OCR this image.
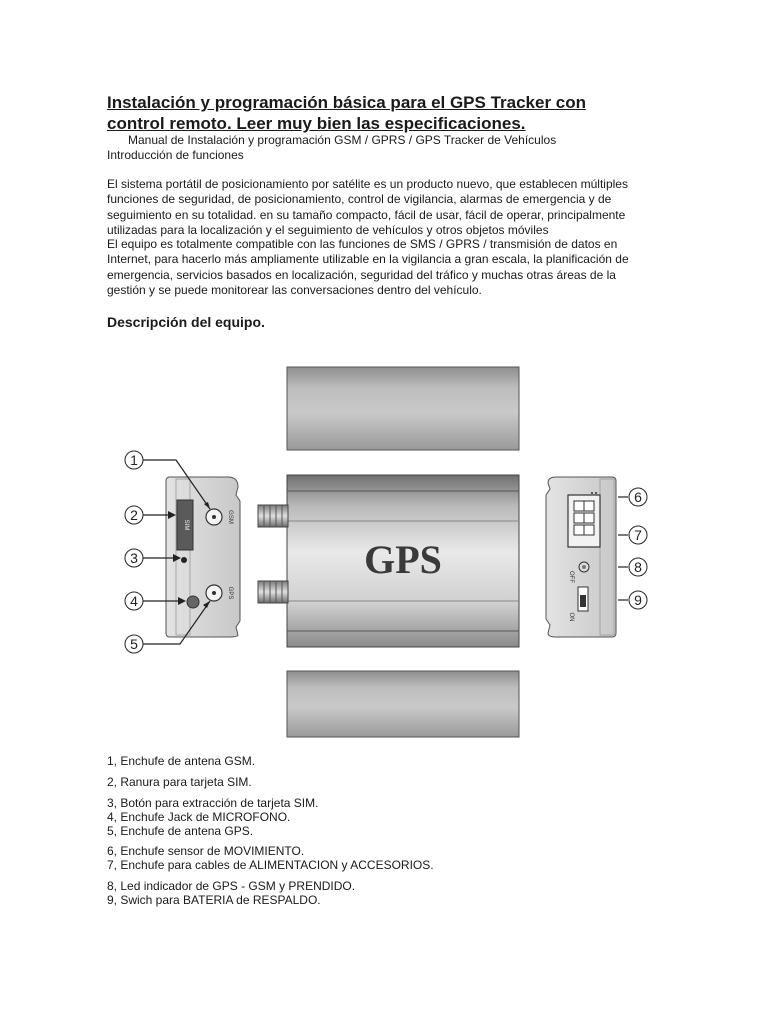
Instalación y programación básica para el GPS Tracker con
control remoto. Leer muy bien las especificaciones.
Manual de Instalación y programación GSM / GPRS / GPS Tracker de Vehículos
Introducción de funciones

El sistema portátil de posicionamiento por satélite es un producto nuevo, que establecen múltiples
funciones de seguridad, de posicionamiento, control de vigilancia, alarmas de emergencia y de
seguimiento en su totalidad. en su tamaño compacto, fácil de usar, fácil de operar, principalmente
utilizadas para la localización y el seguimiento de vehículos y otros objetos móviles

El equipo es totalmente compatible con las funciones de SMS / GPRS / transmisión de datos en
Internet, para hacerlo más ampliamente utilizable en la vigilancia a gran escala, la planificación de
emergencia, servicios basados en localización, seguridad del tráfico y muchas otras áreas de la
gestión y se puede monitorear las conversaciones dentro del vehículo.

Descripción del equipo.
GPS
SIM
GSM
GPS
OFF
ON
1
2
3
4
5
6
7
8
9
1, Enchufe de antena GSM.
2, Ranura para tarjeta SIM.
3, Botón para extracción de tarjeta SIM.
4, Enchufe Jack de MICROFONO.
5, Enchufe de antena GPS.
6, Enchufe sensor de MOVIMIENTO.
7, Enchufe para cables de ALIMENTACION y ACCESORIOS.
8, Led indicador de GPS - GSM y PRENDIDO.
9, Swich para BATERIA de RESPALDO.
